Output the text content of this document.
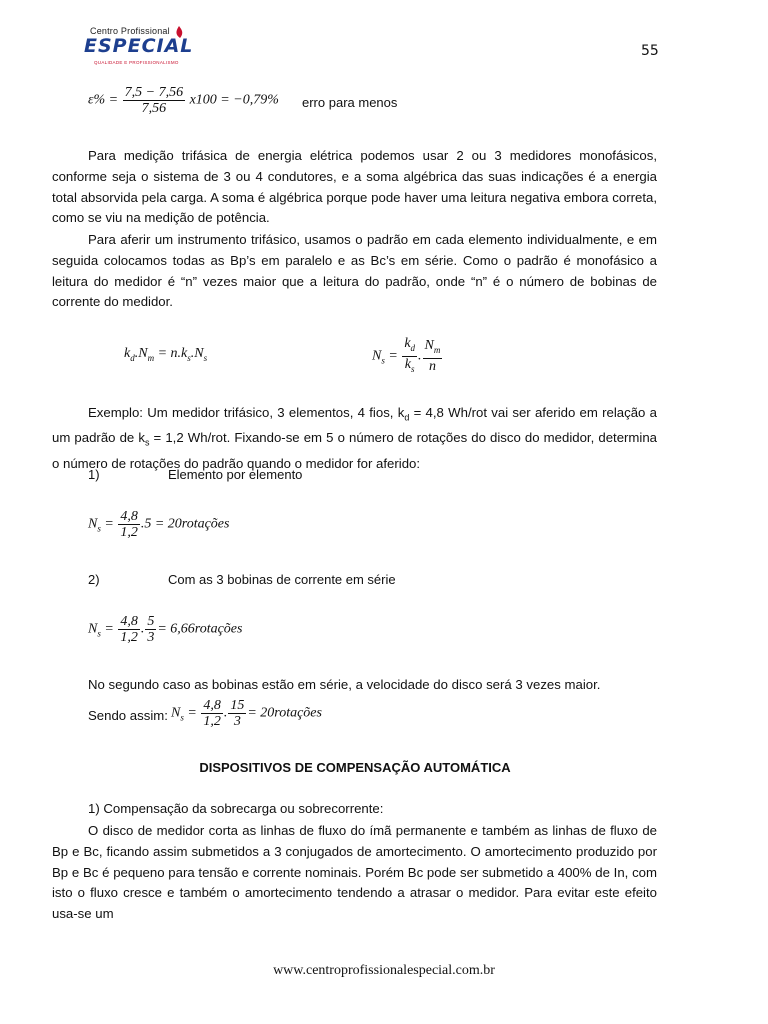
Centro Profissional
ESPECIAL
QUALIDADE E PROFISSIONALISMO
55
$\varepsilon\% = \frac{7,5 - 7,56}{7,56} x100 = -0,79\%$ erro para menos
Para medição trifásica de energia elétrica podemos usar 2 ou 3 medidores monofásicos, conforme seja o sistema de 3 ou 4 condutores, e a soma algébrica das suas indicações é a energia total absorvida pela carga. A soma é algébrica porque pode haver uma leitura negativa embora correta, como se viu na medição de potência.
Para aferir um instrumento trifásico, usamos o padrão em cada elemento individualmente, e em seguida colocamos todas as Bp’s em paralelo e as Bc’s em série. Como o padrão é monofásico a leitura do medidor é “n” vezes maior que a leitura do padrão, onde “n” é o número de bobinas de corrente do medidor.
$k_d.N_m = n.k_s.N_s$	$N_s = \frac{k_d}{k_s}$ . $\frac{N_m}{n}$
Exemplo: Um medidor trifásico, 3 elementos, 4 fios, $k_d = 4,8$ Wh/rot vai ser aferido em relação a um padrão de $k_s = 1,2$ Wh/rot. Fixando-se em 5 o número de rotações do disco do medidor, determina o número de rotações do padrão quando o medidor for aferido:
1)	Elemento por elemento
$N_s = \frac{4,8}{1,2} .5$ = 20rotações
2)	Com as 3 bobinas de corrente em série
$N_s = \frac{4,8}{1,2}$ . $\frac{5}{3}$ = 6,66rotações
No segundo caso as bobinas estão em série, a velocidade do disco será 3 vezes maior.
Sendo assim: $N_s = \frac{4,8}{1,2}$ . $\frac{15}{3}$ = 20rotações
DISPOSITIVOS DE COMPENSAÇÃO AUTOMÁTICA
1) Compensação da sobrecarga ou sobrecorrente:
O disco de medidor corta as linhas de fluxo do ímã permanente e também as linhas de fluxo de Bp e Bc, ficando assim submetidos a 3 conjugados de amortecimento. O amortecimento produzido por Bp e Bc é pequeno para tensão e corrente nominais. Porém Bc pode ser submetido a 400% de In, com isto o fluxo cresce e também o amortecimento tendendo a atrasar o medidor. Para evitar este efeito usa-se um
www.centroprofissionalespecial.com.br
